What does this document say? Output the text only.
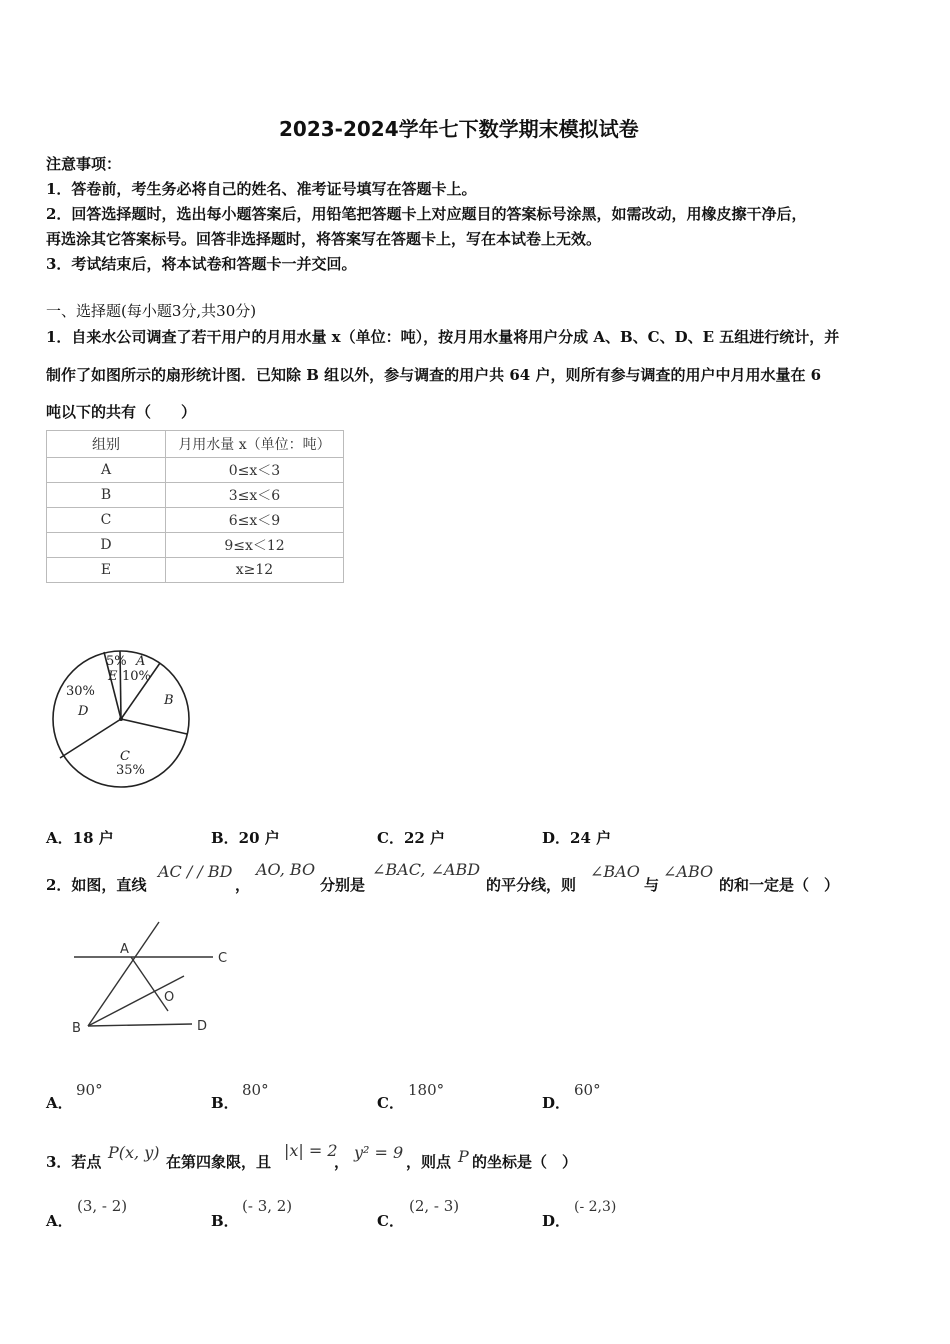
2023-2024学年七下数学期末模拟试卷
注意事项：
1．答卷前，考生务必将自己的姓名、准考证号填写在答题卡上。
2．回答选择题时，选出每小题答案后，用铅笔把答题卡上对应题目的答案标号涂黑，如需改动，用橡皮擦干净后，
再选涂其它答案标号。回答非选择题时，将答案写在答题卡上，写在本试卷上无效。
3．考试结束后，将本试卷和答题卡一并交回。
一、选择题(每小题3分,共30分)
1．自来水公司调查了若干用户的月用水量 x（单位：吨），按月用水量将用户分成 A、B、C、D、E 五组进行统计，并
制作了如图所示的扇形统计图．已知除 B 组以外，参与调查的用户共 64 户，则所有参与调查的用户中月用水量在 6
吨以下的共有（　　）
组别	月用水量 x（单位：吨）
A	0≤x＜3
B	3≤x＜6
C	6≤x＜9
D	9≤x＜12
E	x≥12
5%
E
A
10%
30%
D
B
C
35%
A．18 户	B．20 户	C．22 户	D．24 户
2．如图，直线
AC / / BD
，
AO, BO
分别是
∠BAC, ∠ABD
的平分线，则
∠BAO
与
∠ABO
的和一定是（　）
A
C
B	D
O
A．
90°
B．
80°
C．
180°
D．
60°
3．若点 P(x, y) 在第四象限，且
|x| = 2
， y² = 9 ，则点 P 的坐标是（　）
A．
(3, - 2)
B．
(- 3, 2)
C．
(2, - 3)
D．
(- 2,3)
